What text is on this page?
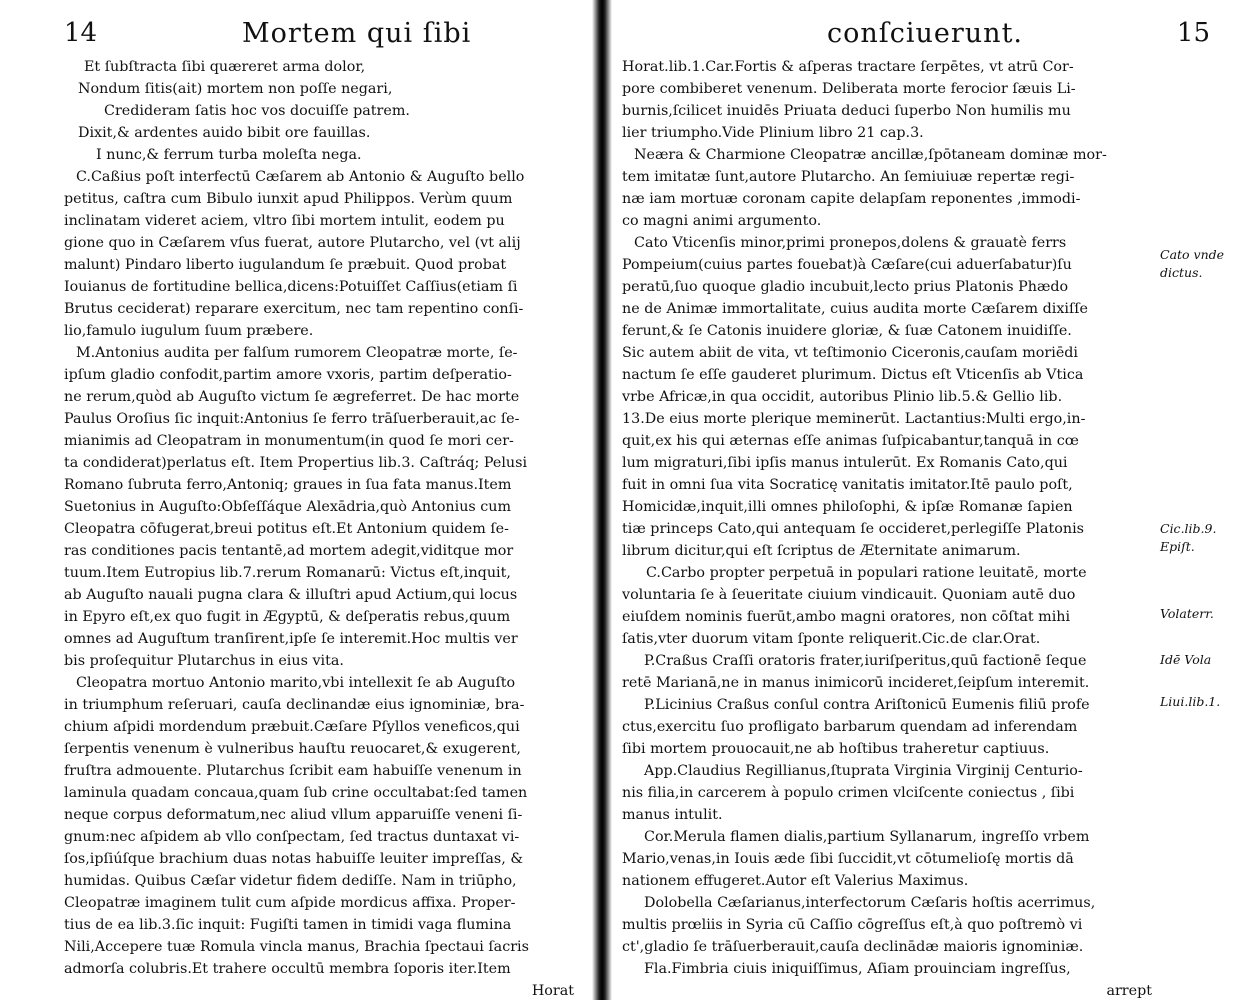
14	Mortem qui ſibi
Et ſubſtracta ſibi quæreret arma dolor,
Nondum ſitis(ait) mortem non poſſe negari,
Credideram ſatis hoc vos docuiſſe patrem.
Dixit,& ardentes auido bibit ore fauillas.
I nunc,& ferrum turba moleſta nega.
C.Caßius poſt interfectū Cæſarem ab Antonio & Auguſto bello
petitus, caſtra cum Bibulo iunxit apud Philippos. Verùm quum
inclinatam videret aciem, vltro ſibi mortem intulit, eodem pu
gione quo in Cæſarem vſus fuerat, autore Plutarcho, vel (vt alij
malunt) Pindaro liberto iugulandum ſe præbuit. Quod probat
Iouianus de fortitudine bellica,dicens:Potuiſſet Caſſius(etiam ſi
Brutus ceciderat) reparare exercitum, nec tam repentino conſi-
lio,famulo iugulum ſuum præbere.
M.Antonius audita per falſum rumorem Cleopatræ morte, ſe-
ipſum gladio confodit,partim amore vxoris, partim deſperatio-
ne rerum,quòd ab Auguſto victum ſe ægreferret. De hac morte
Paulus Oroſius ſic inquit:Antonius ſe ferro trāſuerberauit,ac ſe-
mianimis ad Cleopatram in monumentum(in quod ſe mori cer-
ta condiderat)perlatus eſt. Item Propertius lib.3. Caſtráq; Pelusi
Romano ſubruta ferro,Antoniq; graues in ſua fata manus.Item
Suetonius in Auguſto:Obſeſſáque Alexādria,quò Antonius cum
Cleopatra cōfugerat,breui potitus eſt.Et Antonium quidem ſe-
ras conditiones pacis tentantē,ad mortem adegit,viditque mor
tuum.Item Eutropius lib.7.rerum Romanarū: Victus eſt,inquit,
ab Auguſto nauali pugna clara & illuſtri apud Actium,qui locus
in Epyro eſt,ex quo fugit in Ægyptū, & deſperatis rebus,quum
omnes ad Auguſtum tranſirent,ipſe ſe interemit.Hoc multis ver
bis proſequitur Plutarchus in eius vita.
Cleopatra mortuo Antonio marito,vbi intellexit ſe ab Auguſto
in triumphum reſeruari, cauſa declinandæ eius ignominiæ, bra-
chium aſpidi mordendum præbuit.Cæſare Pſyllos veneficos,qui
ſerpentis venenum è vulneribus hauſtu reuocaret,& exugerent,
fruſtra admouente. Plutarchus ſcribit eam habuiſſe venenum in
laminula quadam concaua,quam ſub crine occultabat:ſed tamen
neque corpus deformatum,nec aliud vllum apparuiſſe veneni ſi-
gnum:nec aſpidem ab vllo conſpectam, ſed tractus duntaxat vi-
ſos,ipſiúſque brachium duas notas habuiſſe leuiter impreſſas, &
humidas. Quibus Cæſar videtur fidem dediſſe. Nam in triūpho,
Cleopatræ imaginem tulit cum aſpide mordicus affixa. Proper-
tius de ea lib.3.ſic inquit: Fugiſti tamen in timidi vaga flumina
Nili,Accepere tuæ Romula vincla manus, Brachia ſpectaui ſacris
admorſa colubris.Et trahere occultū membra ſoporis iter.Item
Horat
conſciuerunt.	15
Horat.lib.1.Car.Fortis & aſperas tractare ſerpētes, vt atrū Cor-
pore combiberet venenum. Deliberata morte ferocior ſæuis Li-
burnis,ſcilicet inuidēs Priuata deduci ſuperbo Non humilis mu
lier triumpho.Vide Plinium libro 21 cap.3.
Neæra & Charmione Cleopatræ ancillæ,ſpōtaneam dominæ mor-
tem imitatæ ſunt,autore Plutarcho. An ſemiuiuæ repertæ regi-
næ iam mortuæ coronam capite delapſam reponentes ,immodi-
co magni animi argumento.
Cato Vticenſis minor,primi pronepos,dolens & grauatè ferrs
Pompeium(cuius partes fouebat)à Cæſare(cui aduerſabatur)ſu
peratū,ſuo quoque gladio incubuit,lecto prius Platonis Phædo
ne de Animæ immortalitate, cuius audita morte Cæſarem dixiſſe
ferunt,& ſe Catonis inuidere gloriæ, & ſuæ Catonem inuidiſſe.
Sic autem abiit de vita, vt teſtimonio Ciceronis,cauſam moriēdi
nactum ſe eſſe gauderet plurimum. Dictus eſt Vticenſis ab Vtica
vrbe Africæ,in qua occidit, autoribus Plinio lib.5.& Gellio lib.
13.De eius morte plerique meminerūt. Lactantius:Multi ergo,in-
quit,ex his qui æternas eſſe animas ſuſpicabantur,tanquā in cœ
lum migraturi,ſibi ipſis manus intulerūt. Ex Romanis Cato,qui
fuit in omni ſua vita Socraticę vanitatis imitator.Itē paulo poſt,
Homicidæ,inquit,illi omnes philoſophi, & ipſæ Romanæ ſapien
tiæ princeps Cato,qui antequam ſe occideret,perlegiſſe Platonis
librum dicitur,qui eſt ſcriptus de Æternitate animarum.
C.Carbo propter perpetuā in populari ratione leuitatē, morte
voluntaria ſe à ſeueritate ciuium vindicauit. Quoniam autē duo
eiuſdem nominis fuerūt,ambo magni oratores, non cōſtat mihi
ſatis,vter duorum vitam ſponte reliquerit.Cic.de clar.Orat.
P.Craßus Craſſi oratoris frater,iuriſperitus,quū factionē ſeque
retē Marianā,ne in manus inimicorū incideret,ſeipſum interemit.
P.Licinius Craßus conſul contra Ariſtonicū Eumenis filiū profe
ctus,exercitu ſuo profligato barbarum quendam ad inferendam
ſibi mortem prouocauit,ne ab hoſtibus traheretur captiuus.
App.Claudius Regillianus,ſtuprata Virginia Virginij Centurio-
nis filia,in carcerem à populo crimen vlciſcente coniectus , ſibi
manus intulit.
Cor.Merula flamen dialis,partium Syllanarum, ingreſſo vrbem
Mario,venas,in Iouis æde ſibi ſuccidit,vt cōtumelioſę mortis dā
nationem effugeret.Autor eſt Valerius Maximus.
Dolobella Cæſarianus,interfectorum Cæſaris hoſtis acerrimus,
multis prœliis in Syria cū Caſſio cōgreſſus eſt,à quo poſtremò vi
ct',gladio ſe trāſuerberauit,cauſa declinādæ maioris ignominiæ.
Fla.Fimbria ciuis iniquiſſimus, Aſiam prouinciam ingreſſus,
arrept
Cato vnde dictus.
Cic.lib.9. Epiſt.
Volaterr.
Idē Vola
Liui.lib.1.
